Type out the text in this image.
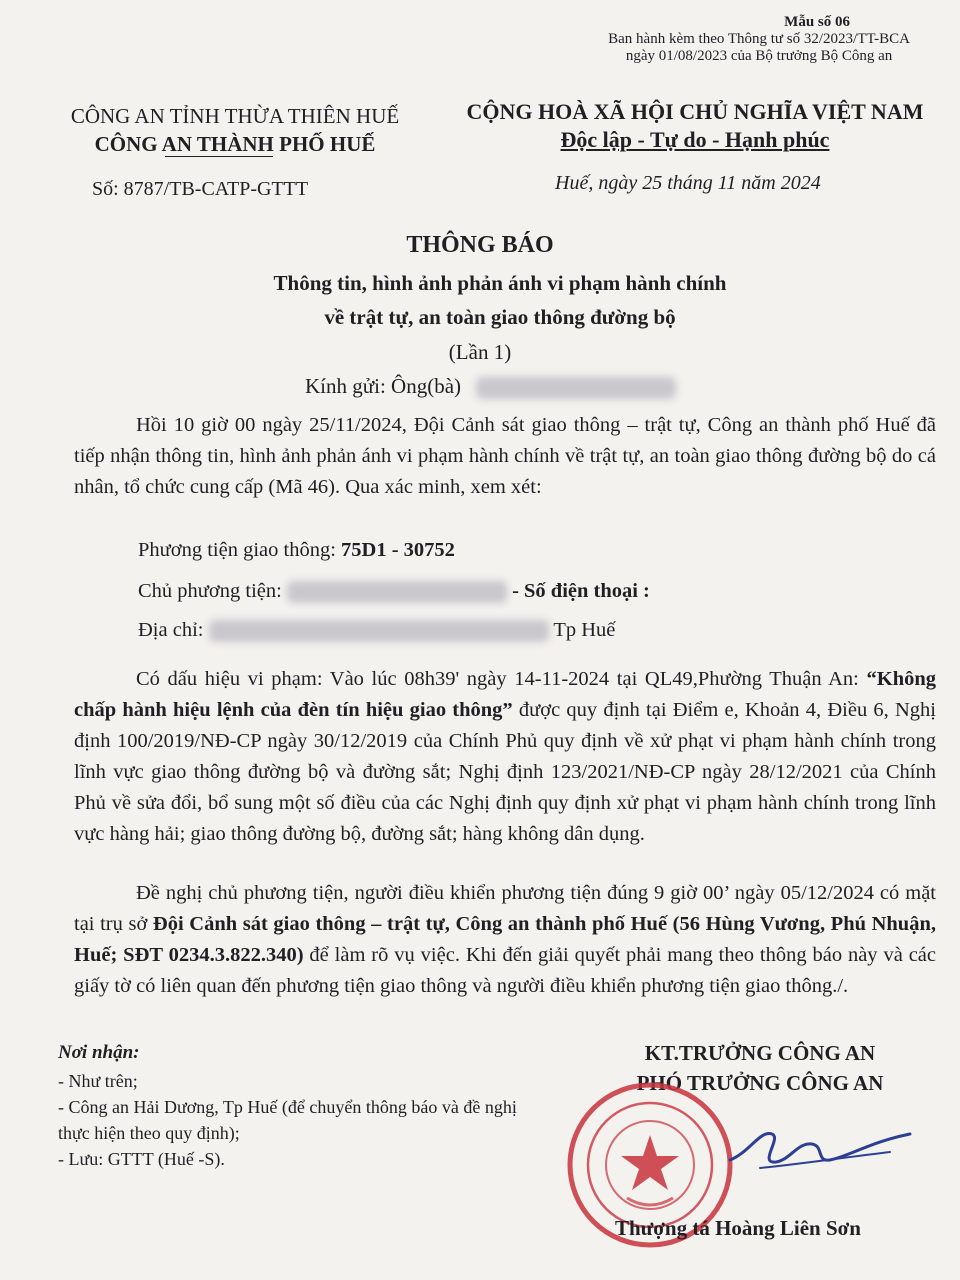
Mẫu số 06
Ban hành kèm theo Thông tư số 32/2023/TT-BCA
ngày 01/08/2023 của Bộ trưởng Bộ Công an
CÔNG AN TỈNH THỪA THIÊN HUẾ
CÔNG AN THÀNH PHỐ HUẾ
CỘNG HOÀ XÃ HỘI CHỦ NGHĨA VIỆT NAM
Độc lập - Tự do - Hạnh phúc
Số: 8787/TB-CATP-GTTT	Huế, ngày 25 tháng 11 năm 2024
THÔNG BÁO
Thông tin, hình ảnh phản ánh vi phạm hành chính
về trật tự, an toàn giao thông đường bộ
(Lần 1)
Kính gửi: Ông(bà)
Hồi 10 giờ 00 ngày 25/11/2024, Đội Cảnh sát giao thông – trật tự, Công an thành phố Huế đã tiếp nhận thông tin, hình ảnh phản ánh vi phạm hành chính về trật tự, an toàn giao thông đường bộ do cá nhân, tổ chức cung cấp (Mã 46). Qua xác minh, xem xét:
Phương tiện giao thông: 75D1 - 30752
Chủ phương tiện:	- Số điện thoại :
Địa chỉ:	Tp Huế
Có dấu hiệu vi phạm: Vào lúc 08h39' ngày 14-11-2024 tại QL49,Phường Thuận An: “Không chấp hành hiệu lệnh của đèn tín hiệu giao thông” được quy định tại Điểm e, Khoản 4, Điều 6, Nghị định 100/2019/NĐ-CP ngày 30/12/2019 của Chính Phủ quy định về xử phạt vi phạm hành chính trong lĩnh vực giao thông đường bộ và đường sắt; Nghị định 123/2021/NĐ-CP ngày 28/12/2021 của Chính Phủ về sửa đổi, bổ sung một số điều của các Nghị định quy định xử phạt vi phạm hành chính trong lĩnh vực hàng hải; giao thông đường bộ, đường sắt; hàng không dân dụng.
Đề nghị chủ phương tiện, người điều khiển phương tiện đúng 9 giờ 00’ ngày 05/12/2024 có mặt tại trụ sở Đội Cảnh sát giao thông – trật tự, Công an thành phố Huế (56 Hùng Vương, Phú Nhuận, Huế; SĐT 0234.3.822.340) để làm rõ vụ việc. Khi đến giải quyết phải mang theo thông báo này và các giấy tờ có liên quan đến phương tiện giao thông và người điều khiển phương tiện giao thông./.
Nơi nhận:
- Như trên;
- Công an Hải Dương, Tp Huế (để chuyển thông báo và đề nghị thực hiện theo quy định);
- Lưu: GTTT (Huế -S).
KT.TRƯỞNG CÔNG AN
PHÓ TRƯỞNG CÔNG AN
Thượng tá Hoàng Liên Sơn
